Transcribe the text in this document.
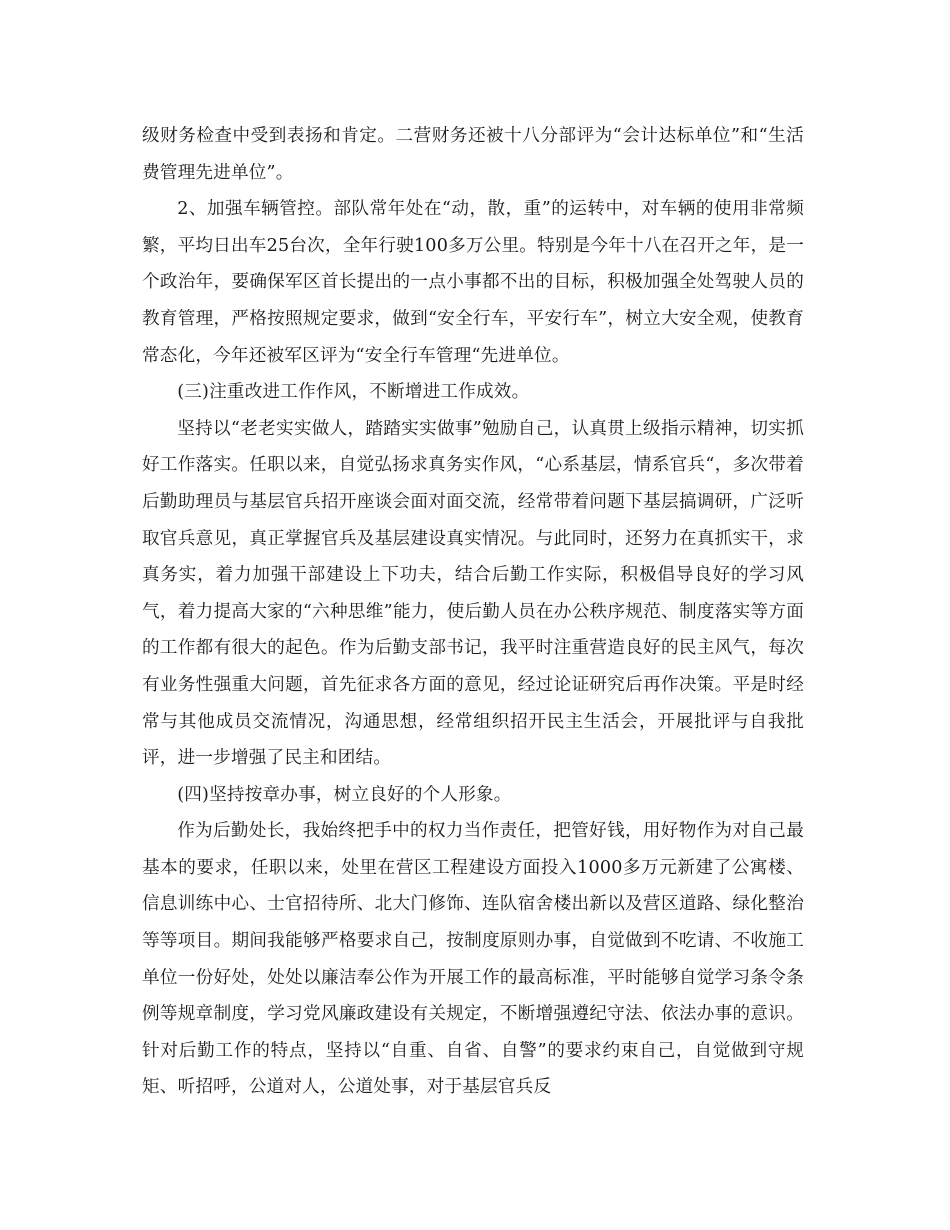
级财务检查中受到表扬和肯定。二营财务还被十八分部评为“会计达标单位”和“生活费管理先进单位”。

2、加强车辆管控。部队常年处在“动，散，重”的运转中，对车辆的使用非常频繁，平均日出车25台次，全年行驶100多万公里。特别是今年十八在召开之年，是一个政治年，要确保军区首长提出的一点小事都不出的目标，积极加强全处驾驶人员的教育管理，严格按照规定要求，做到“安全行车，平安行车”，树立大安全观，使教育常态化，今年还被军区评为“安全行车管理“先进单位。

(三)注重改进工作作风，不断增进工作成效。

坚持以“老老实实做人，踏踏实实做事”勉励自己，认真贯上级指示精神，切实抓好工作落实。任职以来，自觉弘扬求真务实作风，“心系基层，情系官兵“，多次带着后勤助理员与基层官兵招开座谈会面对面交流，经常带着问题下基层搞调研，广泛听取官兵意见，真正掌握官兵及基层建设真实情况。与此同时，还努力在真抓实干，求真务实，着力加强干部建设上下功夫，结合后勤工作实际，积极倡导良好的学习风气，着力提高大家的“六种思维”能力，使后勤人员在办公秩序规范、制度落实等方面的工作都有很大的起色。作为后勤支部书记，我平时注重营造良好的民主风气，每次有业务性强重大问题，首先征求各方面的意见，经过论证研究后再作决策。平是时经常与其他成员交流情况，沟通思想，经常组织招开民主生活会，开展批评与自我批评，进一步增强了民主和团结。

(四)坚持按章办事，树立良好的个人形象。

作为后勤处长，我始终把手中的权力当作责任，把管好钱，用好物作为对自己最基本的要求，任职以来，处里在营区工程建设方面投入1000多万元新建了公寓楼、信息训练中心、士官招待所、北大门修饰、连队宿舍楼出新以及营区道路、绿化整治等等项目。期间我能够严格要求自己，按制度原则办事，自觉做到不吃请、不收施工单位一份好处，处处以廉洁奉公作为开展工作的最高标准，平时能够自觉学习条令条例等规章制度，学习党风廉政建设有关规定，不断增强遵纪守法、依法办事的意识。针对后勤工作的特点，坚持以“自重、自省、自警”的要求约束自己，自觉做到守规矩、听招呼，公道对人，公道处事，对于基层官兵反
